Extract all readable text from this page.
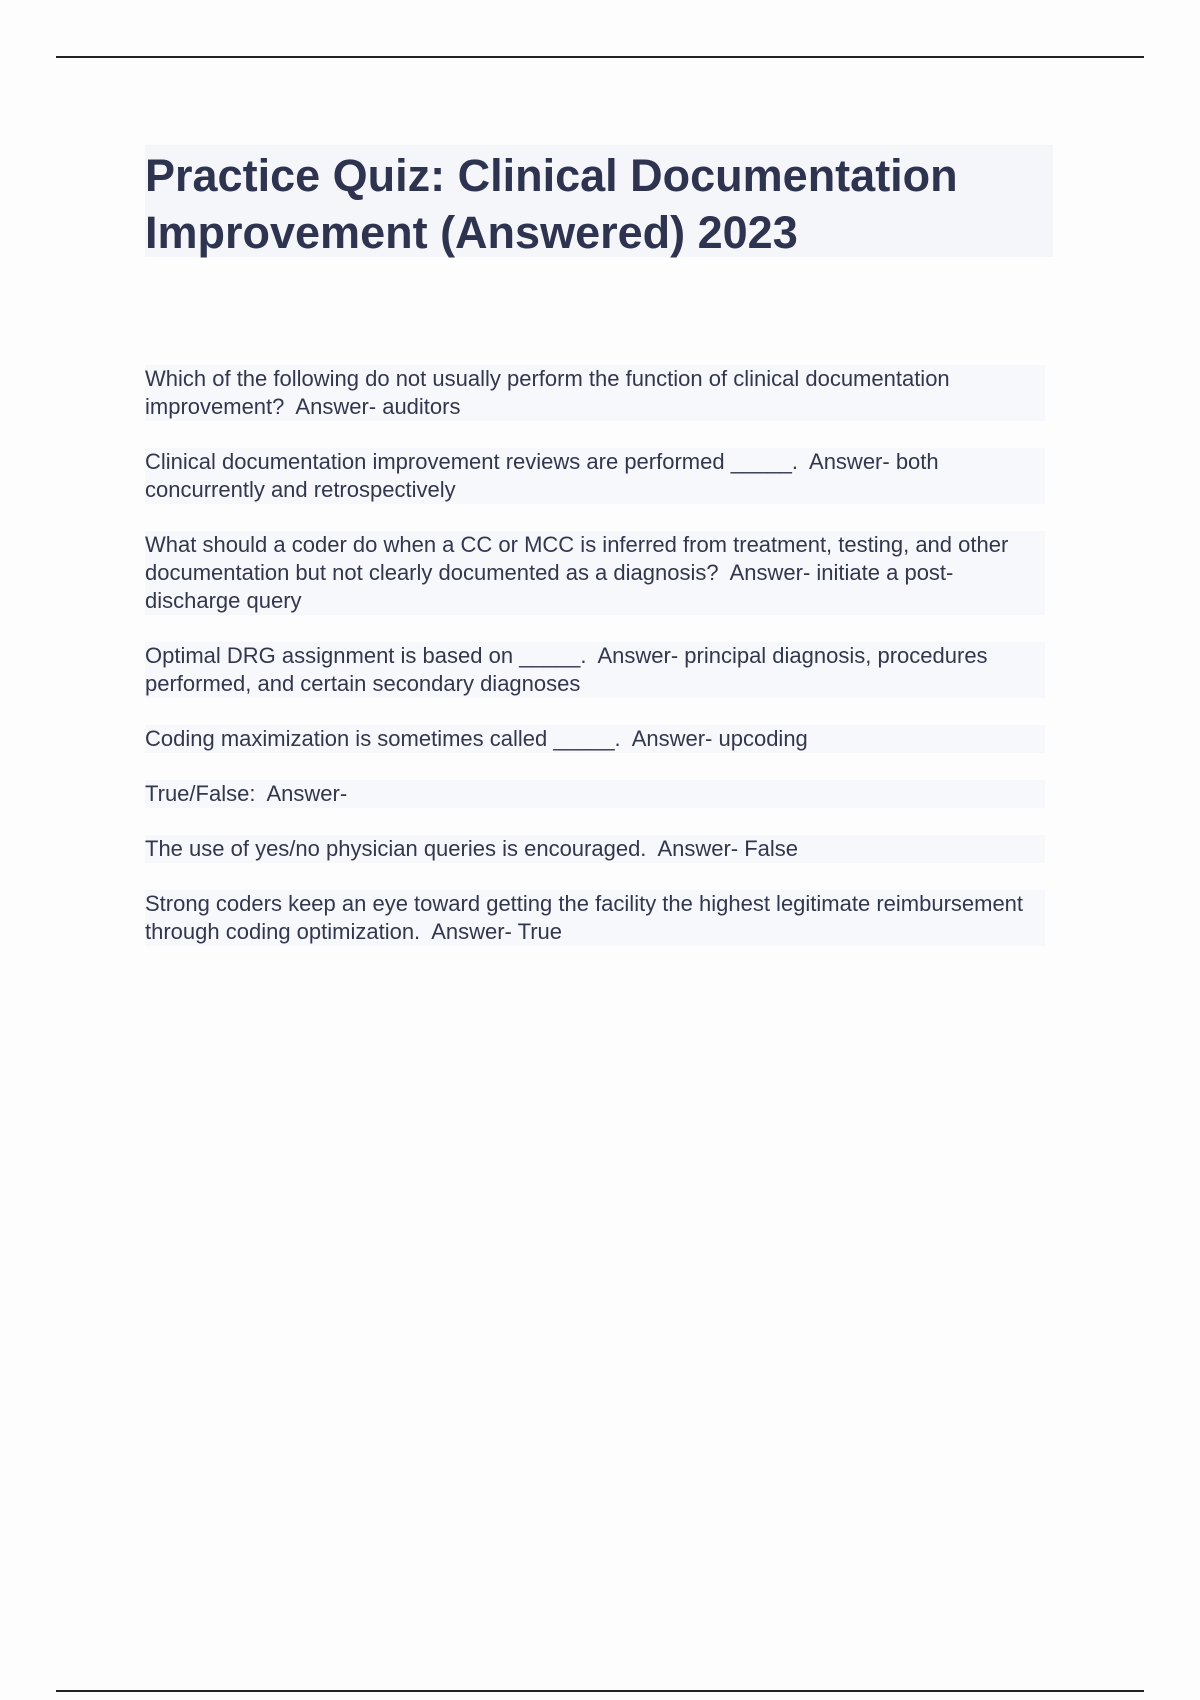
Practice Quiz: Clinical Documentation Improvement (Answered) 2023

Which of the following do not usually perform the function of clinical documentation improvement? Answer- auditors

Clinical documentation improvement reviews are performed _____. Answer- both concurrently and retrospectively

What should a coder do when a CC or MCC is inferred from treatment, testing, and other documentation but not clearly documented as a diagnosis? Answer- initiate a post-discharge query

Optimal DRG assignment is based on _____. Answer- principal diagnosis, procedures performed, and certain secondary diagnoses

Coding maximization is sometimes called _____. Answer- upcoding

True/False: Answer-

The use of yes/no physician queries is encouraged. Answer- False

Strong coders keep an eye toward getting the facility the highest legitimate reimbursement through coding optimization. Answer- True
